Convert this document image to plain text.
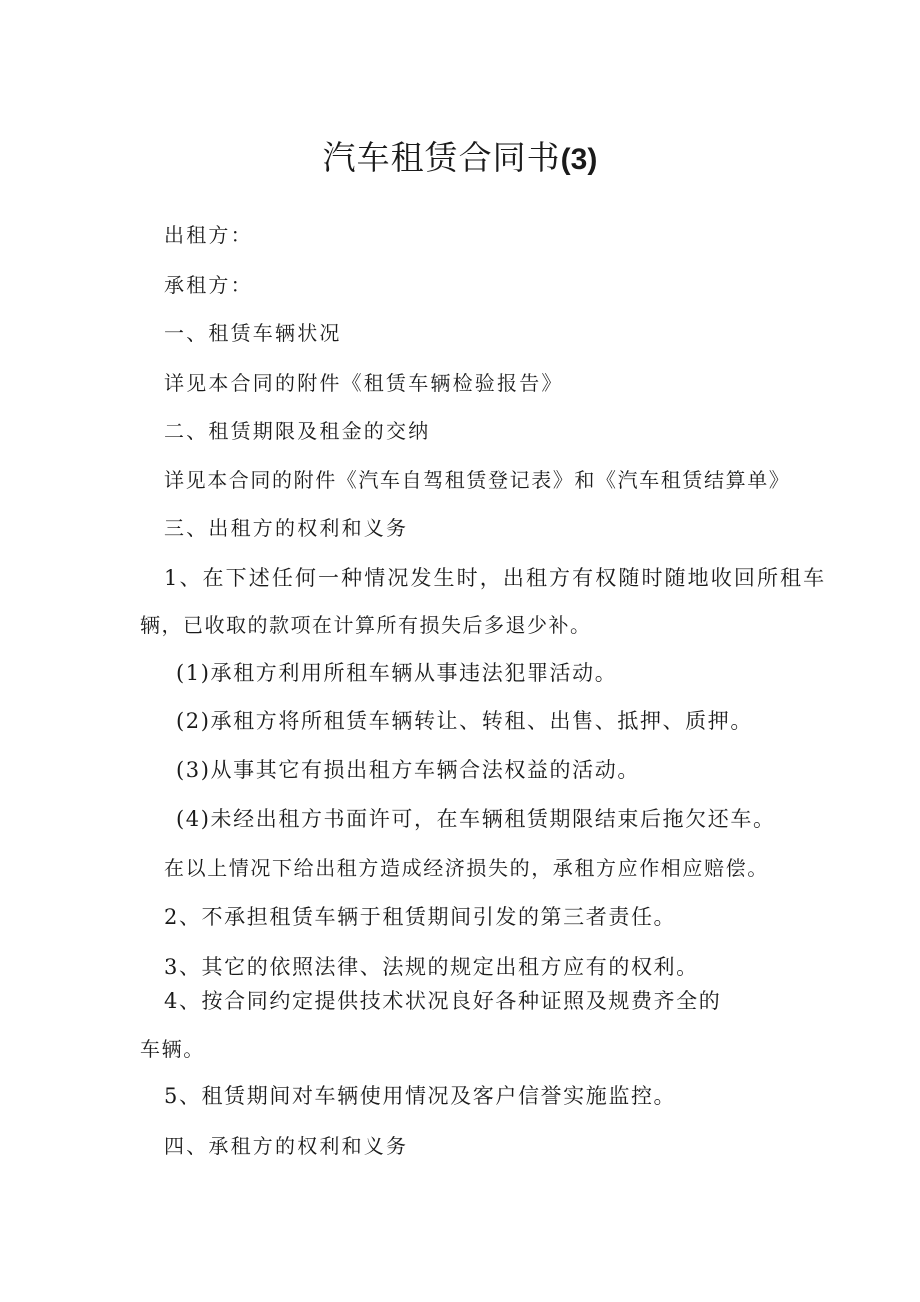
汽车租赁合同书(3)
出租方：
承租方：
一、租赁车辆状况
详见本合同的附件《租赁车辆检验报告》
二、租赁期限及租金的交纳
详见本合同的附件《汽车自驾租赁登记表》和《汽车租赁结算单》
三、出租方的权利和义务
1、在下述任何一种情况发生时，出租方有权随时随地收回所租车
辆，已收取的款项在计算所有损失后多退少补。
(1)承租方利用所租车辆从事违法犯罪活动。
(2)承租方将所租赁车辆转让、转租、出售、抵押、质押。
(3)从事其它有损出租方车辆合法权益的活动。
(4)未经出租方书面许可，在车辆租赁期限结束后拖欠还车。
在以上情况下给出租方造成经济损失的，承租方应作相应赔偿。
2、不承担租赁车辆于租赁期间引发的第三者责任。
3、其它的依照法律、法规的规定出租方应有的权利。
4、按合同约定提供技术状况良好各种证照及规费齐全的
车辆。
5、租赁期间对车辆使用情况及客户信誉实施监控。
四、承租方的权利和义务
